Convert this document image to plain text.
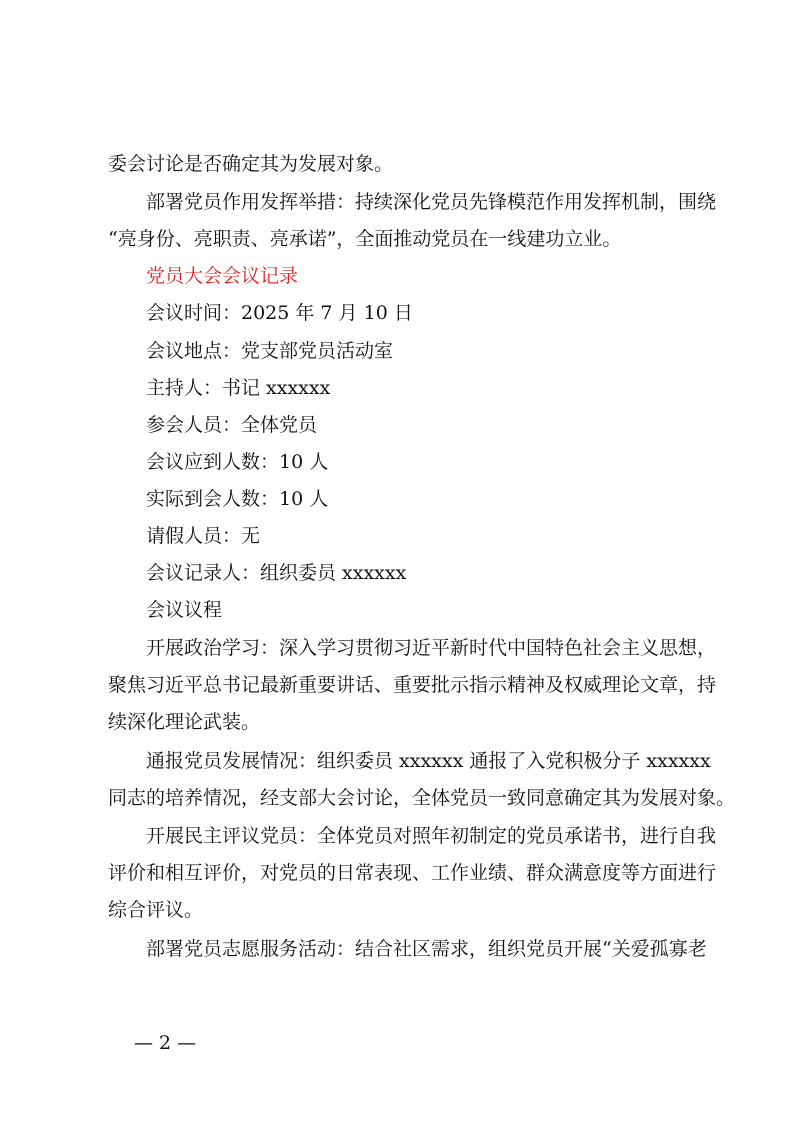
委会讨论是否确定其为发展对象。

部署党员作用发挥举措：持续深化党员先锋模范作用发挥机制，围绕
“亮身份、亮职责、亮承诺”，全面推动党员在一线建功立业。

党员大会会议记录

会议时间：2025 年 7 月 10 日

会议地点：党支部党员活动室

主持人：书记 xxxxxx

参会人员：全体党员

会议应到人数：10 人

实际到会人数：10 人

请假人员：无

会议记录人：组织委员 xxxxxx

会议议程

开展政治学习：深入学习贯彻习近平新时代中国特色社会主义思想，
聚焦习近平总书记最新重要讲话、重要批示指示精神及权威理论文章，持
续深化理论武装。

通报党员发展情况：组织委员 xxxxxx 通报了入党积极分子 xxxxxx
同志的培养情况，经支部大会讨论，全体党员一致同意确定其为发展对象。

开展民主评议党员：全体党员对照年初制定的党员承诺书，进行自我
评价和相互评价，对党员的日常表现、工作业绩、群众满意度等方面进行
综合评议。

部署党员志愿服务活动：结合社区需求，组织党员开展“关爱孤寡老

— 2 —
